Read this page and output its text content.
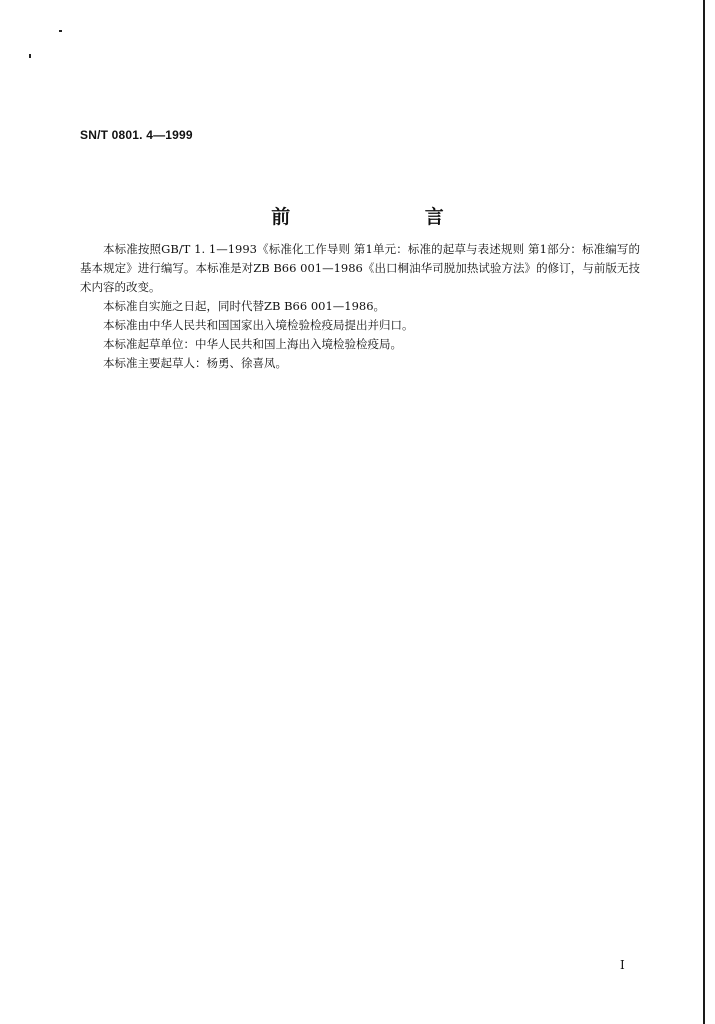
SN/T 0801. 4—1999
前 言

本标准按照GB/T 1. 1—1993《标准化工作导则 第1单元：标准的起草与表述规则 第1部分：标准编写的基本规定》进行编写。本标准是对ZB B66 001—1986《出口桐油华司脱加热试验方法》的修订，与前版无技术内容的改变。

本标准自实施之日起，同时代替ZB B66 001—1986。

本标准由中华人民共和国国家出入境检验检疫局提出并归口。

本标准起草单位：中华人民共和国上海出入境检验检疫局。

本标准主要起草人：杨勇、徐喜凤。

I
